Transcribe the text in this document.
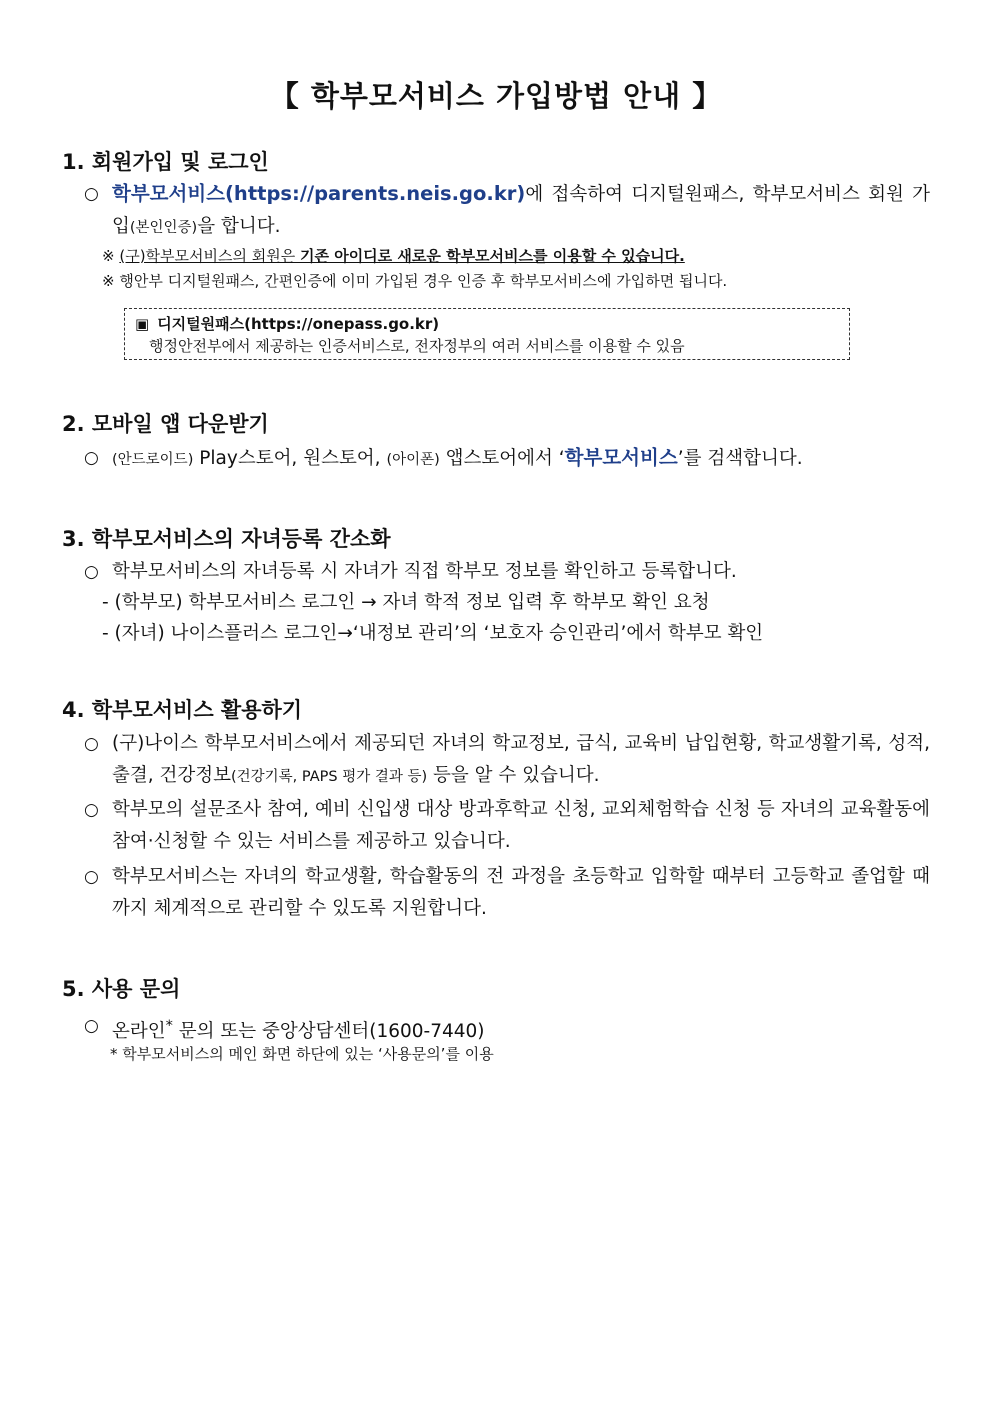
【 학부모서비스 가입방법 안내 】
1. 회원가입 및 로그인
○ 학부모서비스(https://parents.neis.go.kr)에 접속하여 디지털원패스, 학부모서비스 회원 가입(본인인증)을 합니다.
※ (구)학부모서비스의 회원은 기존 아이디로 새로운 학부모서비스를 이용할 수 있습니다.
※ 행안부 디지털원패스, 간편인증에 이미 가입된 경우 인증 후 학부모서비스에 가입하면 됩니다.
▣ 디지털원패스(https://onepass.go.kr)
행정안전부에서 제공하는 인증서비스로, 전자정부의 여러 서비스를 이용할 수 있음
2. 모바일 앱 다운받기
○ (안드로이드) Play스토어, 원스토어, (아이폰) 앱스토어에서 ‘학부모서비스’를 검색합니다.
3. 학부모서비스의 자녀등록 간소화
○ 학부모서비스의 자녀등록 시 자녀가 직접 학부모 정보를 확인하고 등록합니다.
- (학부모) 학부모서비스 로그인 → 자녀 학적 정보 입력 후 학부모 확인 요청
- (자녀) 나이스플러스 로그인→‘내정보 관리’의 ‘보호자 승인관리’에서 학부모 확인
4. 학부모서비스 활용하기
○ (구)나이스 학부모서비스에서 제공되던 자녀의 학교정보, 급식, 교육비 납입현황, 학교생활기록, 성적, 출결, 건강정보(건강기록, PAPS 평가 결과 등) 등을 알 수 있습니다.
○ 학부모의 설문조사 참여, 예비 신입생 대상 방과후학교 신청, 교외체험학습 신청 등 자녀의 교육활동에 참여·신청할 수 있는 서비스를 제공하고 있습니다.
○ 학부모서비스는 자녀의 학교생활, 학습활동의 전 과정을 초등학교 입학할 때부터 고등학교 졸업할 때까지 체계적으로 관리할 수 있도록 지원합니다.
5. 사용 문의
○ 온라인* 문의 또는 중앙상담센터(1600-7440)
* 학부모서비스의 메인 화면 하단에 있는 ‘사용문의’를 이용
